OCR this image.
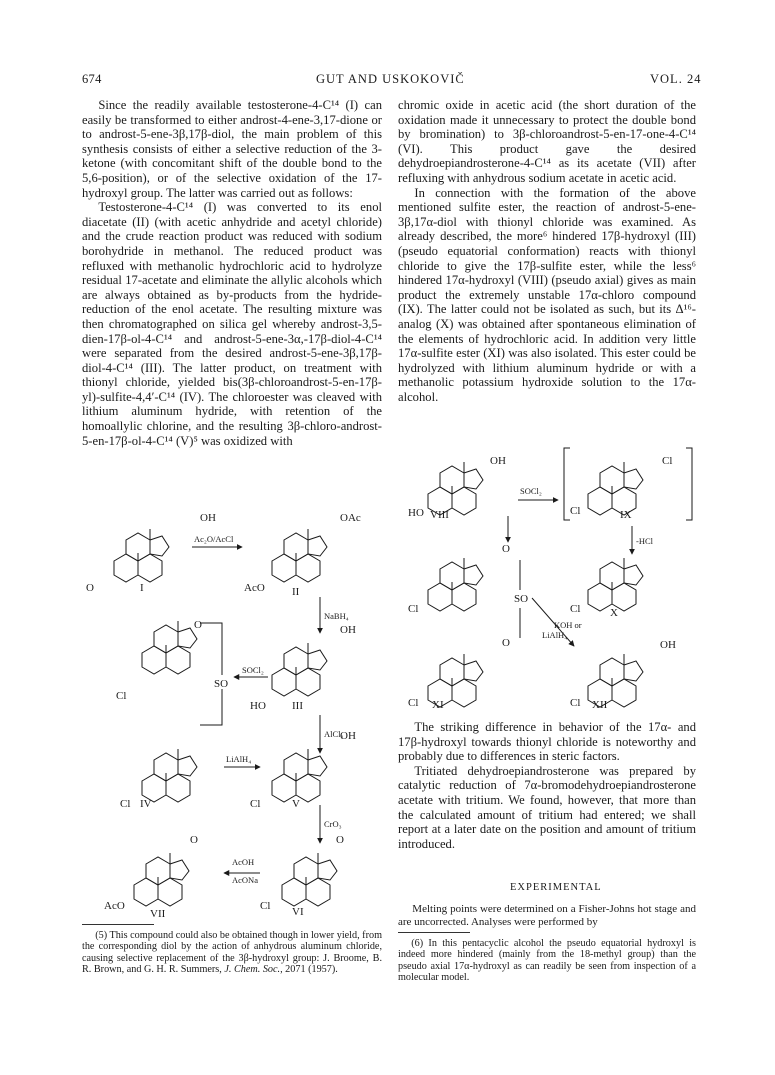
674	GUT AND USKOKOVIČ	VOL. 24

Since the readily available testosterone-4-C¹⁴ (I) can easily be transformed to either androst-4-ene-3,17-dione or to androst-5-ene-3β,17β-diol, the main problem of this synthesis consists of either a selective reduction of the 3-ketone (with concomitant shift of the double bond to the 5,6-position), or of the selective oxidation of the 17-hydroxyl group. The latter was carried out as follows:

Testosterone-4-C¹⁴ (I) was converted to its enol diacetate (II) (with acetic anhydride and acetyl chloride) and the crude reaction product was reduced with sodium borohydride in methanol. The reduced product was refluxed with methanolic hydrochloric acid to hydrolyze residual 17-acetate and eliminate the allylic alcohols which are always obtained as by-products from the hydride-reduction of the enol acetate. The resulting mixture was then chromatographed on silica gel whereby androst-3,5-dien-17β-ol-4-C¹⁴ and androst-5-ene-3α,-17β-diol-4-C¹⁴ were separated from the desired androst-5-ene-3β,17β-diol-4-C¹⁴ (III). The latter product, on treatment with thionyl chloride, yielded bis(3β-chloroandrost-5-en-17β-yl)-sulfite-4,4′-C¹⁴ (IV). The chloroester was cleaved with lithium aluminum hydride, with retention of the homoallylic chlorine, and the resulting 3β-chloro-androst-5-en-17β-ol-4-C¹⁴ (V)⁵ was oxidized with

chromic oxide in acetic acid (the short duration of the oxidation made it unnecessary to protect the double bond by bromination) to 3β-chloroandrost-5-en-17-one-4-C¹⁴ (VI). This product gave the desired dehydroepiandrosterone-4-C¹⁴ as its acetate (VII) after refluxing with anhydrous sodium acetate in acetic acid.

In connection with the formation of the above mentioned sulfite ester, the reaction of androst-5-ene-3β,17α-diol with thionyl chloride was examined. As already described, the more⁶ hindered 17β-hydroxyl (III) (pseudo equatorial conformation) reacts with thionyl chloride to give the 17β-sulfite ester, while the less⁶ hindered 17α-hydroxyl (VIII) (pseudo axial) gives as main product the extremely unstable 17α-chloro compound (IX). The latter could not be isolated as such, but its Δ¹⁶-analog (X) was obtained after spontaneous elimination of the elements of hydrochloric acid. In addition very little 17α-sulfite ester (XI) was also isolated. This ester could be hydrolyzed with lithium aluminum hydride or with a methanolic potassium hydroxide solution to the 17α-alcohol.

OH
O	I
Ac₂O/AcCl
OAc
AcO II
NaBH₄
OH
HO III
O
Cl
SO
SOCl₂
AlCl₃
Cl IV
LiAlH₄
OH
Cl	V
CrO₃
O
Cl VI
AcOH
AcONa
O
AcO
VII
OH
HO VIII
SOCl₂
Cl
Cl	IX
-HCl
O
Cl
SO
Cl	X
KOH or
LiAlH₄
O
Cl XI
OH
Cl XII

The striking difference in behavior of the 17α- and 17β-hydroxyl towards thionyl chloride is noteworthy and probably due to differences in steric factors.

Tritiated dehydroepiandrosterone was prepared by catalytic reduction of 7α-bromodehydroepiandrosterone acetate with tritium. We found, however, that more than the calculated amount of tritium had entered; we shall report at a later date on the position and amount of tritium introduced.

EXPERIMENTAL

Melting points were determined on a Fisher-Johns hot stage and are uncorrected. Analyses were performed by

(5) This compound could also be obtained though in lower yield, from the corresponding diol by the action of anhydrous aluminum chloride, causing selective replacement of the 3β-hydroxyl group: J. Broome, B. R. Brown, and G. H. R. Summers, J. Chem. Soc., 2071 (1957).

(6) In this pentacyclic alcohol the pseudo equatorial hydroxyl is indeed more hindered (mainly from the 18-methyl group) than the pseudo axial 17α-hydroxyl as can readily be seen from inspection of a molecular model.
